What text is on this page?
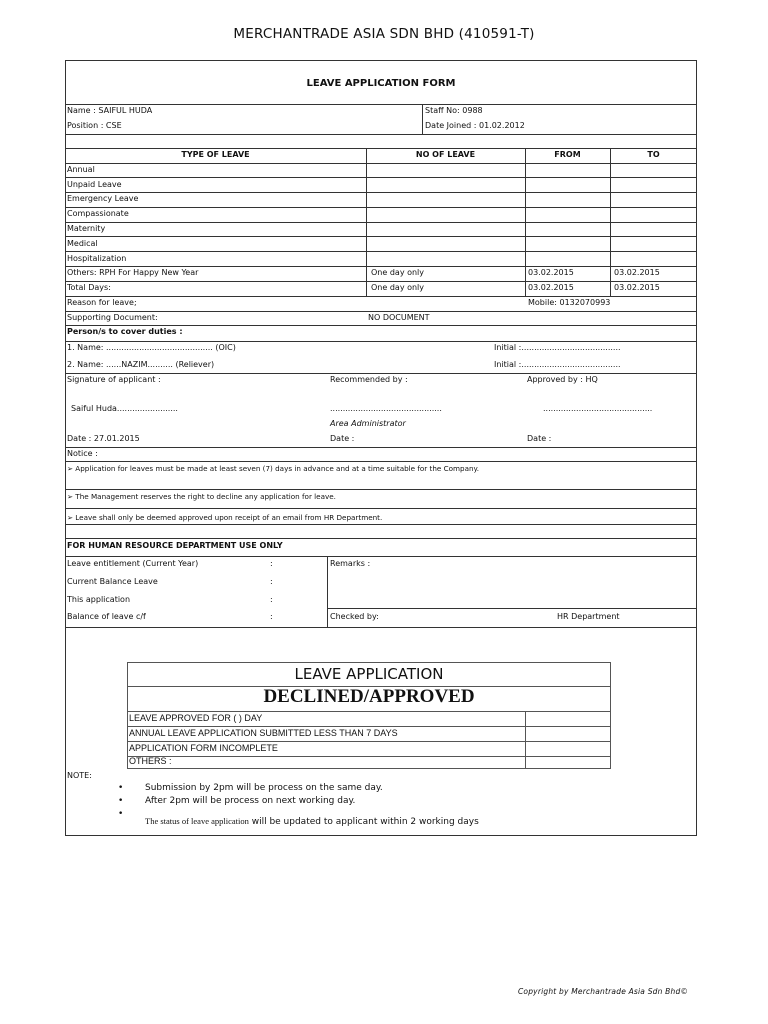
MERCHANTRADE ASIA SDN BHD (410591-T)
LEAVE APPLICATION FORM
Name : SAIFUL HUDA
Position : CSE
Staff No: 0988
Date Joined : 01.02.2012
TYPE OF LEAVE	NO OF LEAVE	FROM	TO
Annual
Unpaid Leave
Emergency Leave
Compassionate
Maternity
Medical
Hospitalization
Others: RPH For Happy New Year	One day only	03.02.2015	03.02.2015
Total Days:	One day only	03.02.2015	03.02.2015
Reason for leave;	Mobile: 0132070993
Supporting Document:	NO DOCUMENT
Person/s to cover duties :
1. Name: .......................................... (OIC)	Initial :.......................................
2. Name: ......NAZIM.......... (Reliever)	Initial :.......................................
Signature of applicant :	Recommended by :	Approved by : HQ
Saiful Huda........................	............................................	...........................................
Area Administrator
Date : 27.01.2015	Date :	Date :
Notice :
➢ Application for leaves must be made at least seven (7) days in advance and at a time suitable for the Company.
➢ The Management reserves the right to decline any application for leave.
➢ Leave shall only be deemed approved upon receipt of an email from HR Department.
FOR HUMAN RESOURCE DEPARTMENT USE ONLY
Leave entitlement (Current Year)
Current Balance Leave
This application
Balance of leave c/f
:
:
:
:
Remarks :
Checked by:	HR Department
LEAVE APPLICATION
DECLINED/APPROVED
LEAVE APPROVED FOR ( ) DAY
ANNUAL LEAVE APPLICATION SUBMITTED LESS THAN 7 DAYS
APPLICATION FORM INCOMPLETE
OTHERS :
NOTE:
• Submission by 2pm will be process on the same day.
• After 2pm will be process on next working day.
•
The status of leave application will be updated to applicant within 2 working days
Copyright by Merchantrade Asia Sdn Bhd©
